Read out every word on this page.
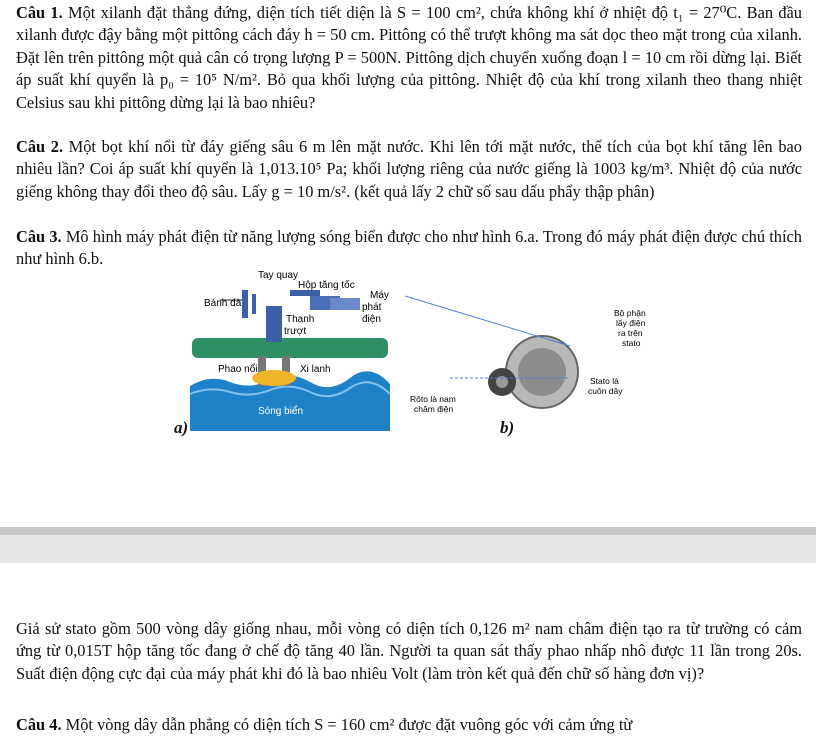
Câu 1. Một xilanh đặt thẳng đứng, diện tích tiết diện là S = 100 cm², chứa không khí ở nhiệt độ t₁ = 27⁰C. Ban đầu xilanh được đậy bằng một pittông cách đáy h = 50 cm. Pittông có thể trượt không ma sát dọc theo mặt trong của xilanh. Đặt lên trên pittông một quả cân có trọng lượng P = 500N. Pittông dịch chuyển xuống đoạn l = 10 cm rồi dừng lại. Biết áp suất khí quyển là p₀ = 10⁵ N/m². Bỏ qua khối lượng của pittông. Nhiệt độ của khí trong xilanh theo thang nhiệt Celsius sau khi pittông dừng lại là bao nhiêu?
Câu 2. Một bọt khí nổi từ đáy giếng sâu 6 m lên mặt nước. Khi lên tới mặt nước, thể tích của bọt khí tăng lên bao nhiêu lần? Coi áp suất khí quyển là 1,013.10⁵ Pa; khối lượng riêng của nước giếng là 1003 kg/m³. Nhiệt độ của nước giếng không thay đổi theo độ sâu. Lấy g = 10 m/s². (kết quả lấy 2 chữ số sau dấu phẩy thập phân)
Câu 3. Mô hình máy phát điện từ năng lượng sóng biển được cho như hình 6.a. Trong đó máy phát điện được chú thích như hình 6.b.
Bánh đà
Tay quay
Hộp tăng tốc
Máy
phát
điện
Thanh
trượt
Phao nổi	Xi lanh
Sóng biển
Bộ phận
lấy điện
ra trên
stato
Stato là
cuôn dây
Rôto là nam
châm điện
a)	b)
Giả sử stato gồm 500 vòng dây giống nhau, mỗi vòng có diện tích 0,126 m² nam châm điện tạo ra từ trường có cảm ứng từ 0,015T hộp tăng tốc đang ở chế độ tăng 40 lần. Người ta quan sát thấy phao nhấp nhô được 11 lần trong 20s. Suất điện động cực đại của máy phát khi đó là bao nhiêu Volt (làm tròn kết quả đến chữ số hàng đơn vị)?
Câu 4. Một vòng dây dẫn phẳng có diện tích S = 160 cm² được đặt vuông góc với cảm ứng từ
